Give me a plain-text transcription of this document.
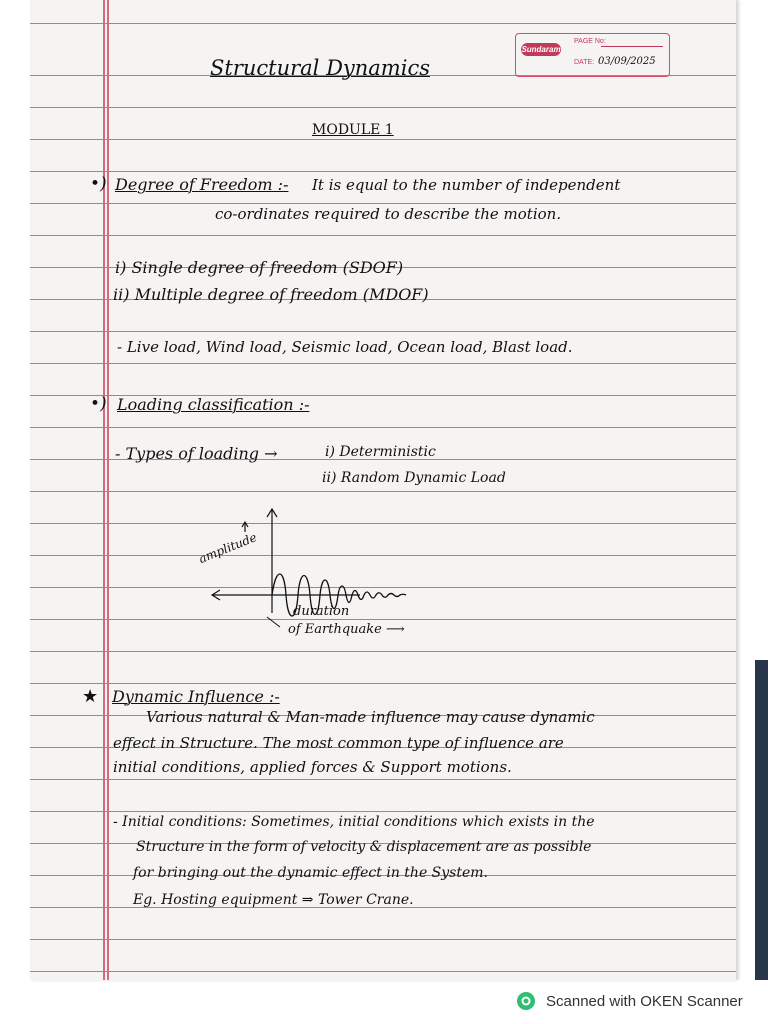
Sundaram
PAGE No:
DATE: 03/09/2025
Structural Dynamics
MODULE 1
•) Degree of Freedom :- It is equal to the number of independent
co-ordinates required to describe the motion.
i) Single degree of freedom (SDOF)
ii) Multiple degree of freedom (MDOF)
- Live load, Wind load, Seismic load, Ocean load, Blast load.
•) Loading classification :-
- Types of loading →	i) Deterministic
ii) Random Dynamic Load
amplitude
duration
of Earthquake ⟶
★ Dynamic Influence :-
Various natural & Man-made influence may cause dynamic
effect in Structure. The most common type of influence are
initial conditions, applied forces & Support motions.
- Initial conditions: Sometimes, initial conditions which exists in the
Structure in the form of velocity & displacement are as possible
for bringing out the dynamic effect in the System.
Eg. Hosting equipment ⇒ Tower Crane.
Scanned with OKEN Scanner
